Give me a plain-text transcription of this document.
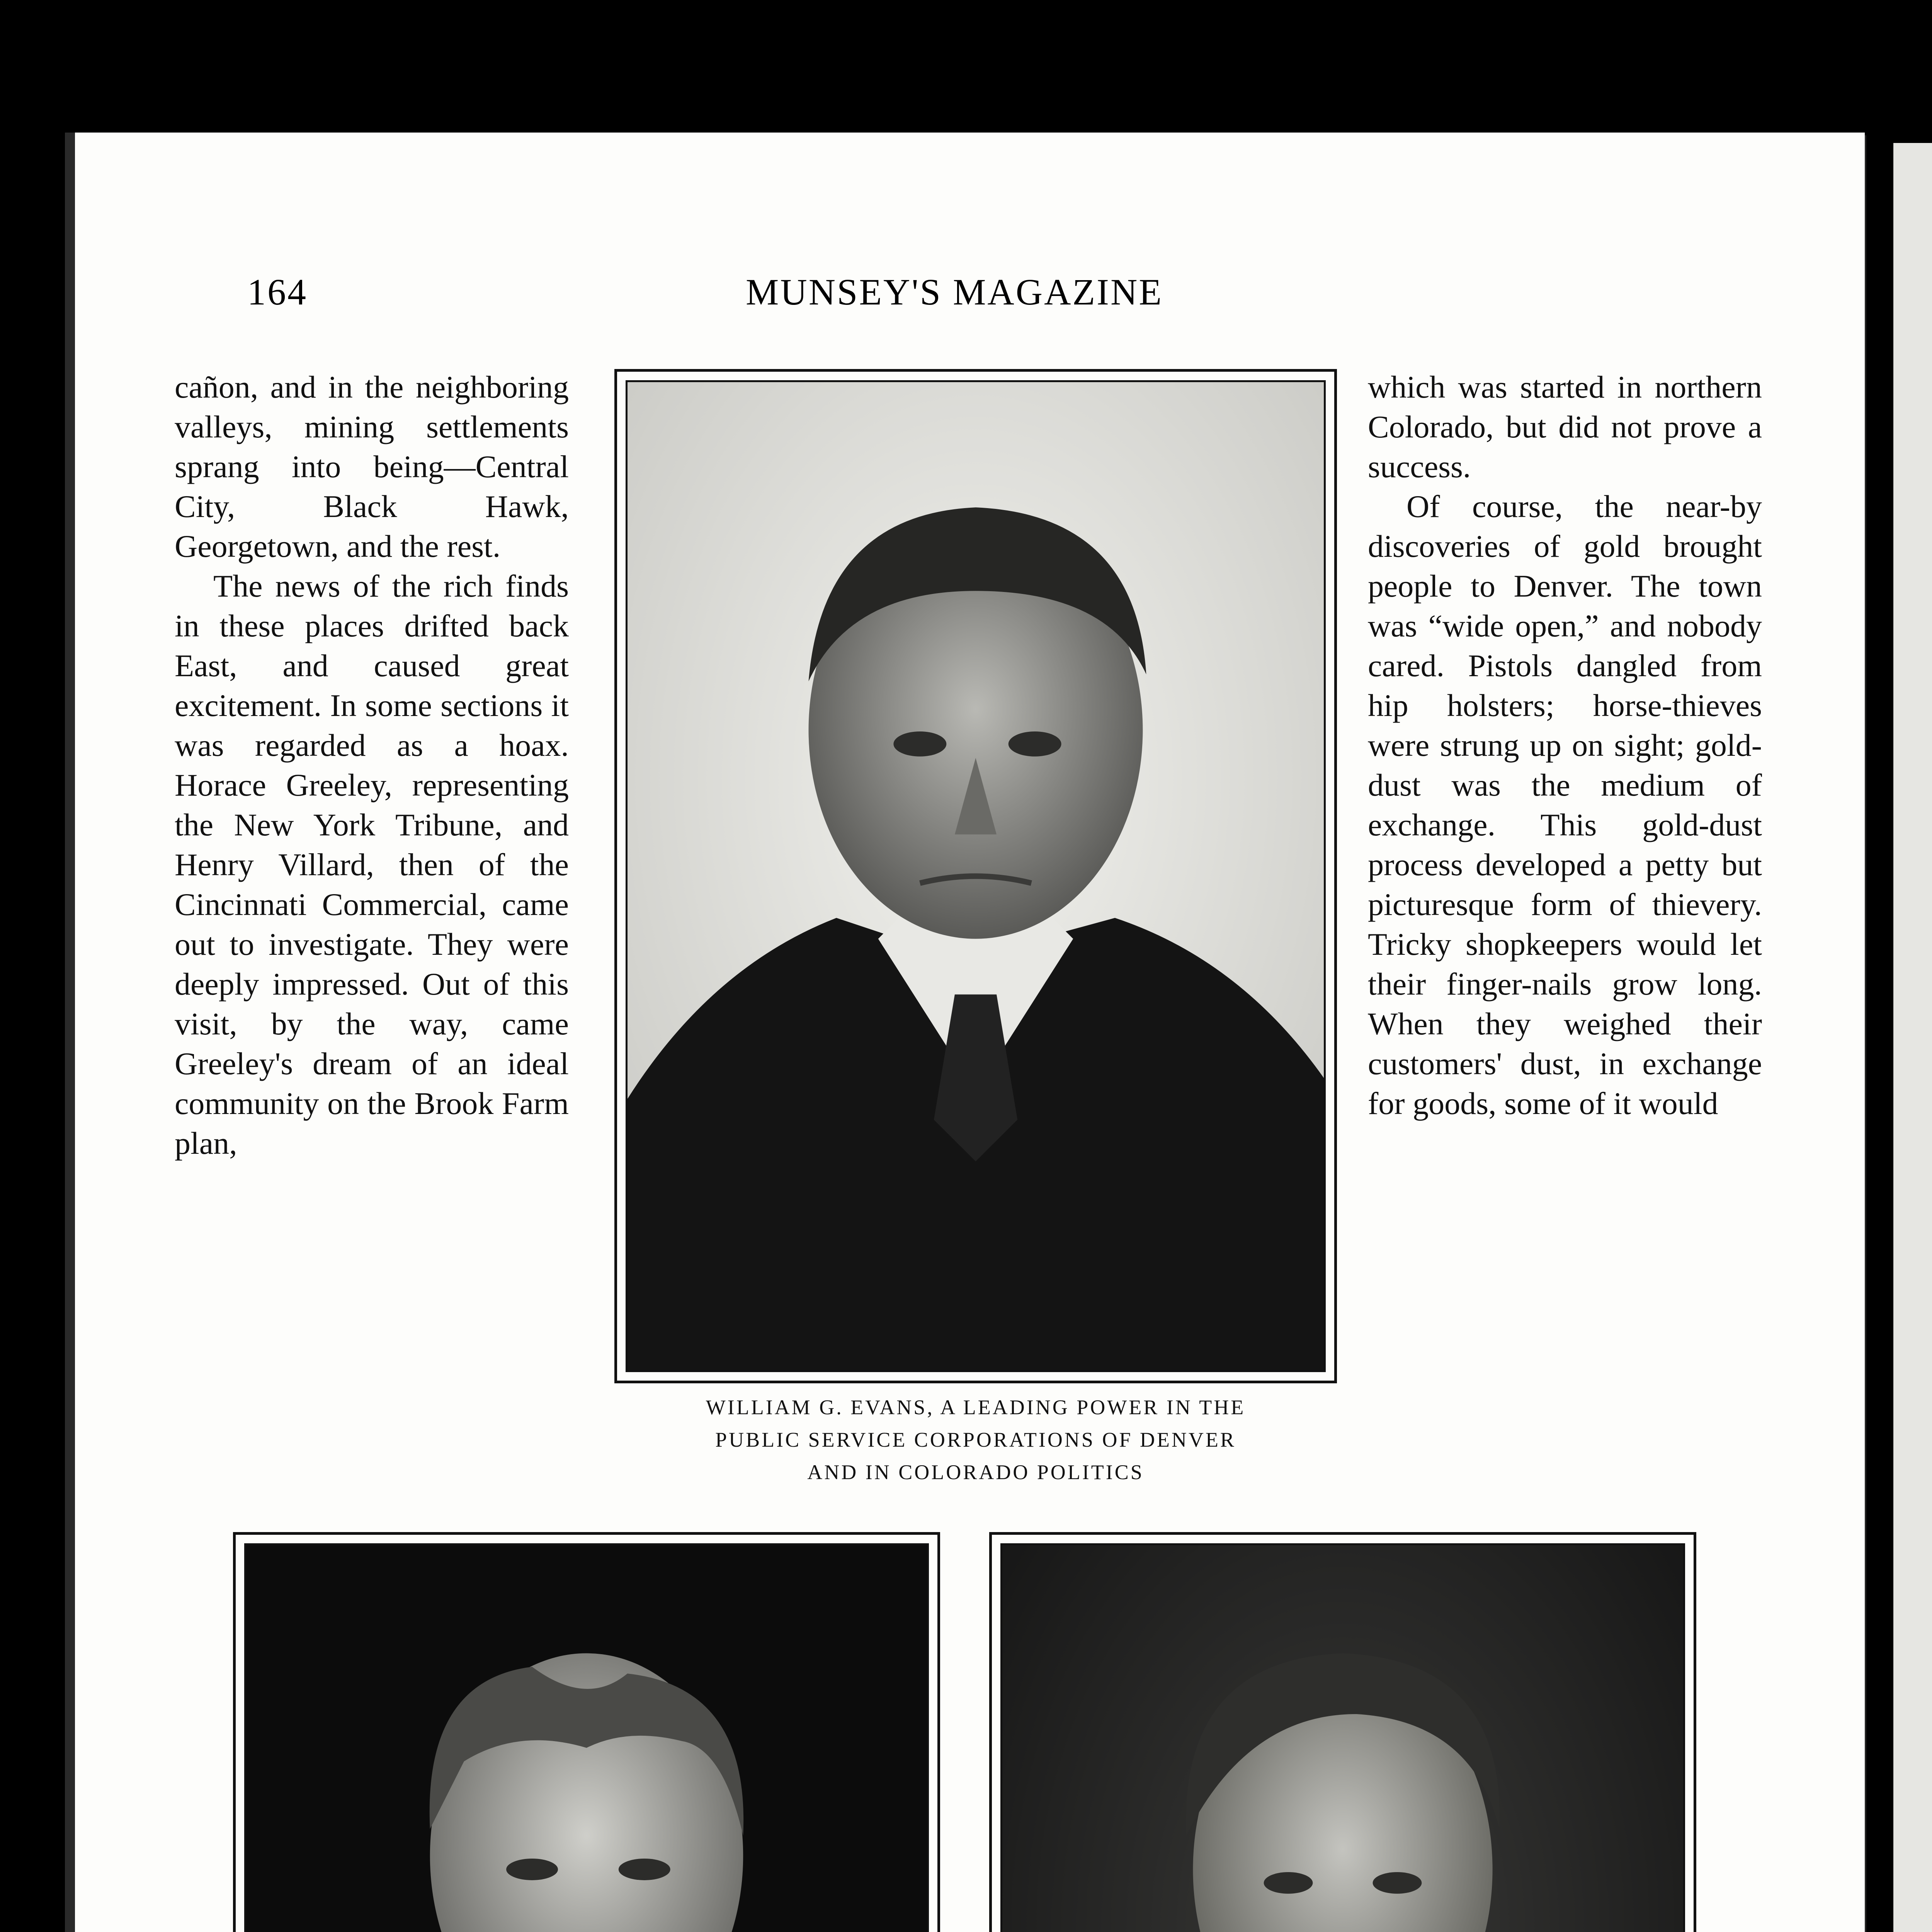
164	MUNSEY'S MAGAZINE

cañon, and in the neighboring valleys, mining settlements sprang into being—Central City, Black Hawk, Georgetown, and the rest.

The news of the rich finds in these places drifted back East, and caused great excitement. In some sections it was regarded as a hoax. Horace Greeley, representing the New York Tribune, and Henry Villard, then of the Cincinnati Commercial, came out to investigate. They were deeply impressed. Out of this visit, by the way, came Greeley's dream of an ideal community on the Brook Farm plan,

which was started in northern Colorado, but did not prove a success.

Of course, the near-by discoveries of gold brought people to Denver. The town was “wide open,” and nobody cared. Pistols dangled from hip holsters; horse-thieves were strung up on sight; gold-dust was the medium of exchange. This gold-dust process developed a petty but picturesque form of thievery. Tricky shopkeepers would let their finger-nails grow long. When they weighed their customers' dust, in exchange for goods, some of it would

WILLIAM G. EVANS, A LEADING POWER IN THE
PUBLIC SERVICE CORPORATIONS OF DENVER
AND IN COLORADO POLITICS
